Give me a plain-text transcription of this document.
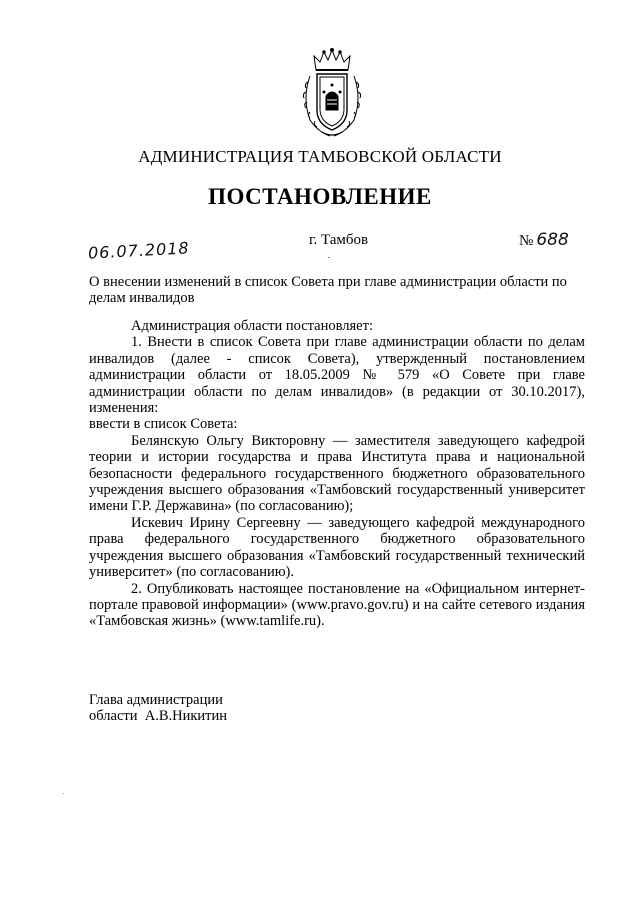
АДМИНИСТРАЦИЯ ТАМБОВСКОЙ ОБЛАСТИ
ПОСТАНОВЛЕНИЕ
06.07.2018	г. Тамбов	№ 688
О внесении изменений в список Совета при главе администрации области по делам инвалидов

Администрация области постановляет:

1. Внести в список Совета при главе администрации области по делам инвалидов (далее - список Совета), утвержденный постановлением администрации области от 18.05.2009 № 579 «О Совете при главе администрации области по делам инвалидов» (в редакции от 30.10.2017), изменения:

ввести в список Совета:

Белянскую Ольгу Викторовну — заместителя заведующего кафедрой теории и истории государства и права Института права и национальной безопасности федерального государственного бюджетного образовательного учреждения высшего образования «Тамбовский государственный университет имени Г.Р. Державина» (по согласованию);

Искевич Ирину Сергеевну — заведующего кафедрой международного права федерального государственного бюджетного образовательного учреждения высшего образования «Тамбовский государственный технический университет» (по согласованию).

2. Опубликовать настоящее постановление на «Официальном интернет-портале правовой информации» (www.pravo.gov.ru) и на сайте сетевого издания «Тамбовская жизнь» (www.tamlife.ru).

Глава администрации
области А.В.Никитин
